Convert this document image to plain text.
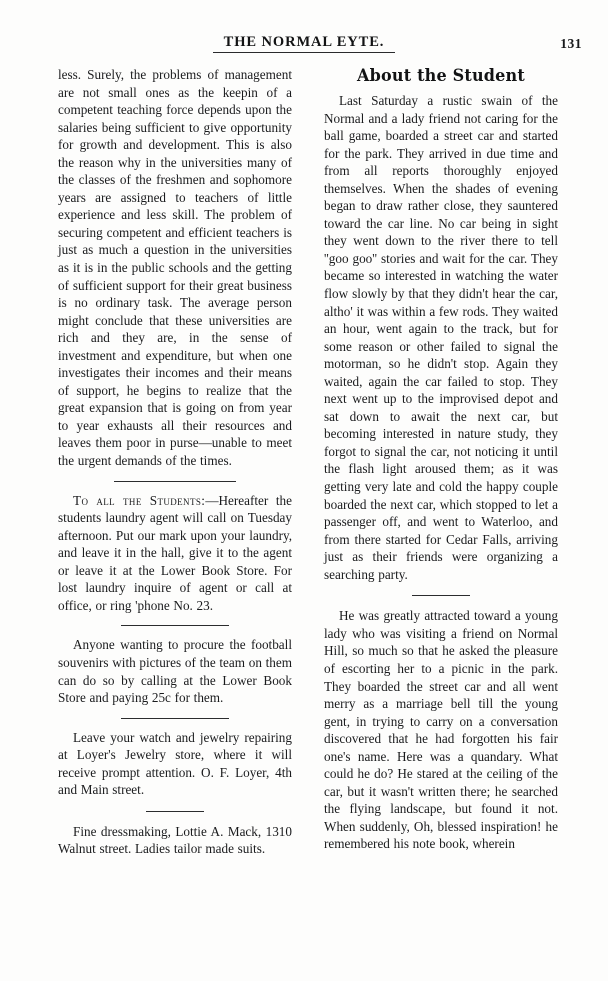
THE NORMAL EYTE.	131

less. Surely, the problems of management are not small ones as the keepin of a competent teaching force depends upon the salaries being sufficient to give opportunity for growth and development. This is also the reason why in the universities many of the classes of the freshmen and sophomore years are assigned to teachers of little experience and less skill. The problem of securing competent and efficient teachers is just as much a question in the universities as it is in the public schools and the getting of sufficient support for their great business is no ordinary task. The average person might conclude that these universities are rich and they are, in the sense of investment and expenditure, but when one investigates their incomes and their means of support, he begins to realize that the great expansion that is going on from year to year exhausts all their resources and leaves them poor in purse—unable to meet the urgent demands of the times.

To all the Students:—Hereafter the students laundry agent will call on Tuesday afternoon. Put our mark upon your laundry, and leave it in the hall, give it to the agent or leave it at the Lower Book Store. For lost laundry inquire of agent or call at office, or ring 'phone No. 23.

Anyone wanting to procure the football souvenirs with pictures of the team on them can do so by calling at the Lower Book Store and paying 25c for them.

Leave your watch and jewelry repairing at Loyer's Jewelry store, where it will receive prompt attention. O. F. Loyer, 4th and Main street.

Fine dressmaking, Lottie A. Mack, 1310 Walnut street. Ladies tailor made suits.

About the Student

Last Saturday a rustic swain of the Normal and a lady friend not caring for the ball game, boarded a street car and started for the park. They arrived in due time and from all reports thoroughly enjoyed themselves. When the shades of evening began to draw rather close, they sauntered toward the car line. No car being in sight they went down to the river there to tell ''goo goo'' stories and wait for the car. They became so interested in watching the water flow slowly by that they didn't hear the car, altho' it was within a few rods. They waited an hour, went again to the track, but for some reason or other failed to signal the motorman, so he didn't stop. Again they waited, again the car failed to stop. They next went up to the improvised depot and sat down to await the next car, but becoming interested in nature study, they forgot to signal the car, not noticing it until the flash light aroused them; as it was getting very late and cold the happy couple boarded the next car, which stopped to let a passenger off, and went to Waterloo, and from there started for Cedar Falls, arriving just as their friends were organizing a searching party.

He was greatly attracted toward a young lady who was visiting a friend on Normal Hill, so much so that he asked the pleasure of escorting her to a picnic in the park. They boarded the street car and all went merry as a marriage bell till the young gent, in trying to carry on a conversation discovered that he had forgotten his fair one's name. Here was a quandary. What could he do? He stared at the ceiling of the car, but it wasn't written there; he searched the flying landscape, but found it not. When suddenly, Oh, blessed inspiration! he remembered his note book, wherein
